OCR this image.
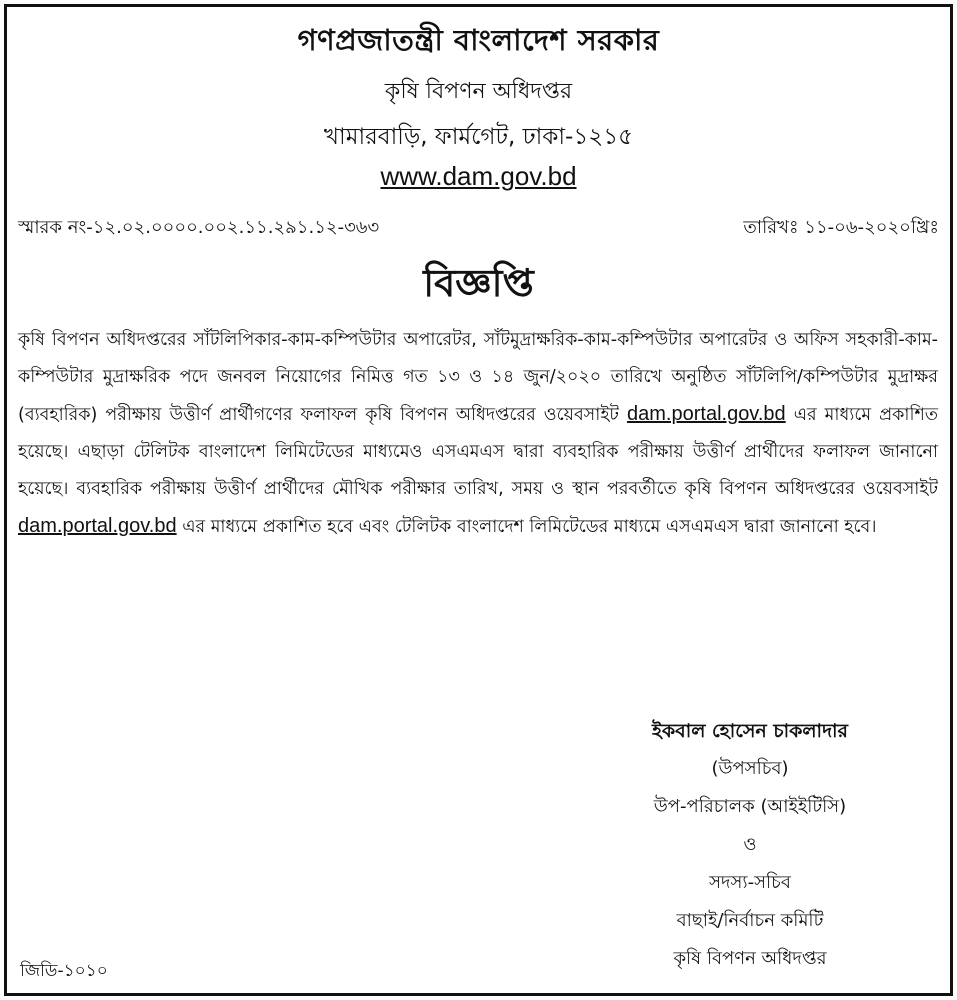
গণপ্রজাতন্ত্রী বাংলাদেশ সরকার
কৃষি বিপণন অধিদপ্তর
খামারবাড়ি, ফার্মগেট, ঢাকা-১২১৫
www.dam.gov.bd
স্মারক নং-১২.০২.০০০০.০০২.১১.২৯১.১২-৩৬৩	তারিখঃ ১১-০৬-২০২০খ্রিঃ
বিজ্ঞপ্তি
কৃষি বিপণন অধিদপ্তরের সাঁটলিপিকার-কাম-কম্পিউটার অপারেটর, সাঁটমুদ্রাক্ষরিক-কাম-কম্পিউটার অপারেটর ও অফিস সহকারী-কাম-কম্পিউটার মুদ্রাক্ষরিক পদে জনবল নিয়োগের নিমিত্ত গত ১৩ ও ১৪ জুন/২০২০ তারিখে অনুষ্ঠিত সাঁটলিপি/কম্পিউটার মুদ্রাক্ষর (ব্যবহারিক) পরীক্ষায় উত্তীর্ণ প্রার্থীগণের ফলাফল কৃষি বিপণন অধিদপ্তরের ওয়েবসাইট dam.portal.gov.bd এর মাধ্যমে প্রকাশিত হয়েছে। এছাড়া টেলিটক বাংলাদেশ লিমিটেডের মাধ্যমেও এসএমএস দ্বারা ব্যবহারিক পরীক্ষায় উত্তীর্ণ প্রার্থীদের ফলাফল জানানো হয়েছে। ব্যবহারিক পরীক্ষায় উত্তীর্ণ প্রার্থীদের মৌখিক পরীক্ষার তারিখ, সময় ও স্থান পরবর্তীতে কৃষি বিপণন অধিদপ্তরের ওয়েবসাইট dam.portal.gov.bd এর মাধ্যমে প্রকাশিত হবে এবং টেলিটক বাংলাদেশ লিমিটেডের মাধ্যমে এসএমএস দ্বারা জানানো হবে।
ইকবাল হোসেন চাকলাদার
(উপসচিব)
উপ-পরিচালক (আইইটিসি)
ও
সদস্য-সচিব
বাছাই/নির্বাচন কমিটি
কৃষি বিপণন অধিদপ্তর
জিডি-১০১০
